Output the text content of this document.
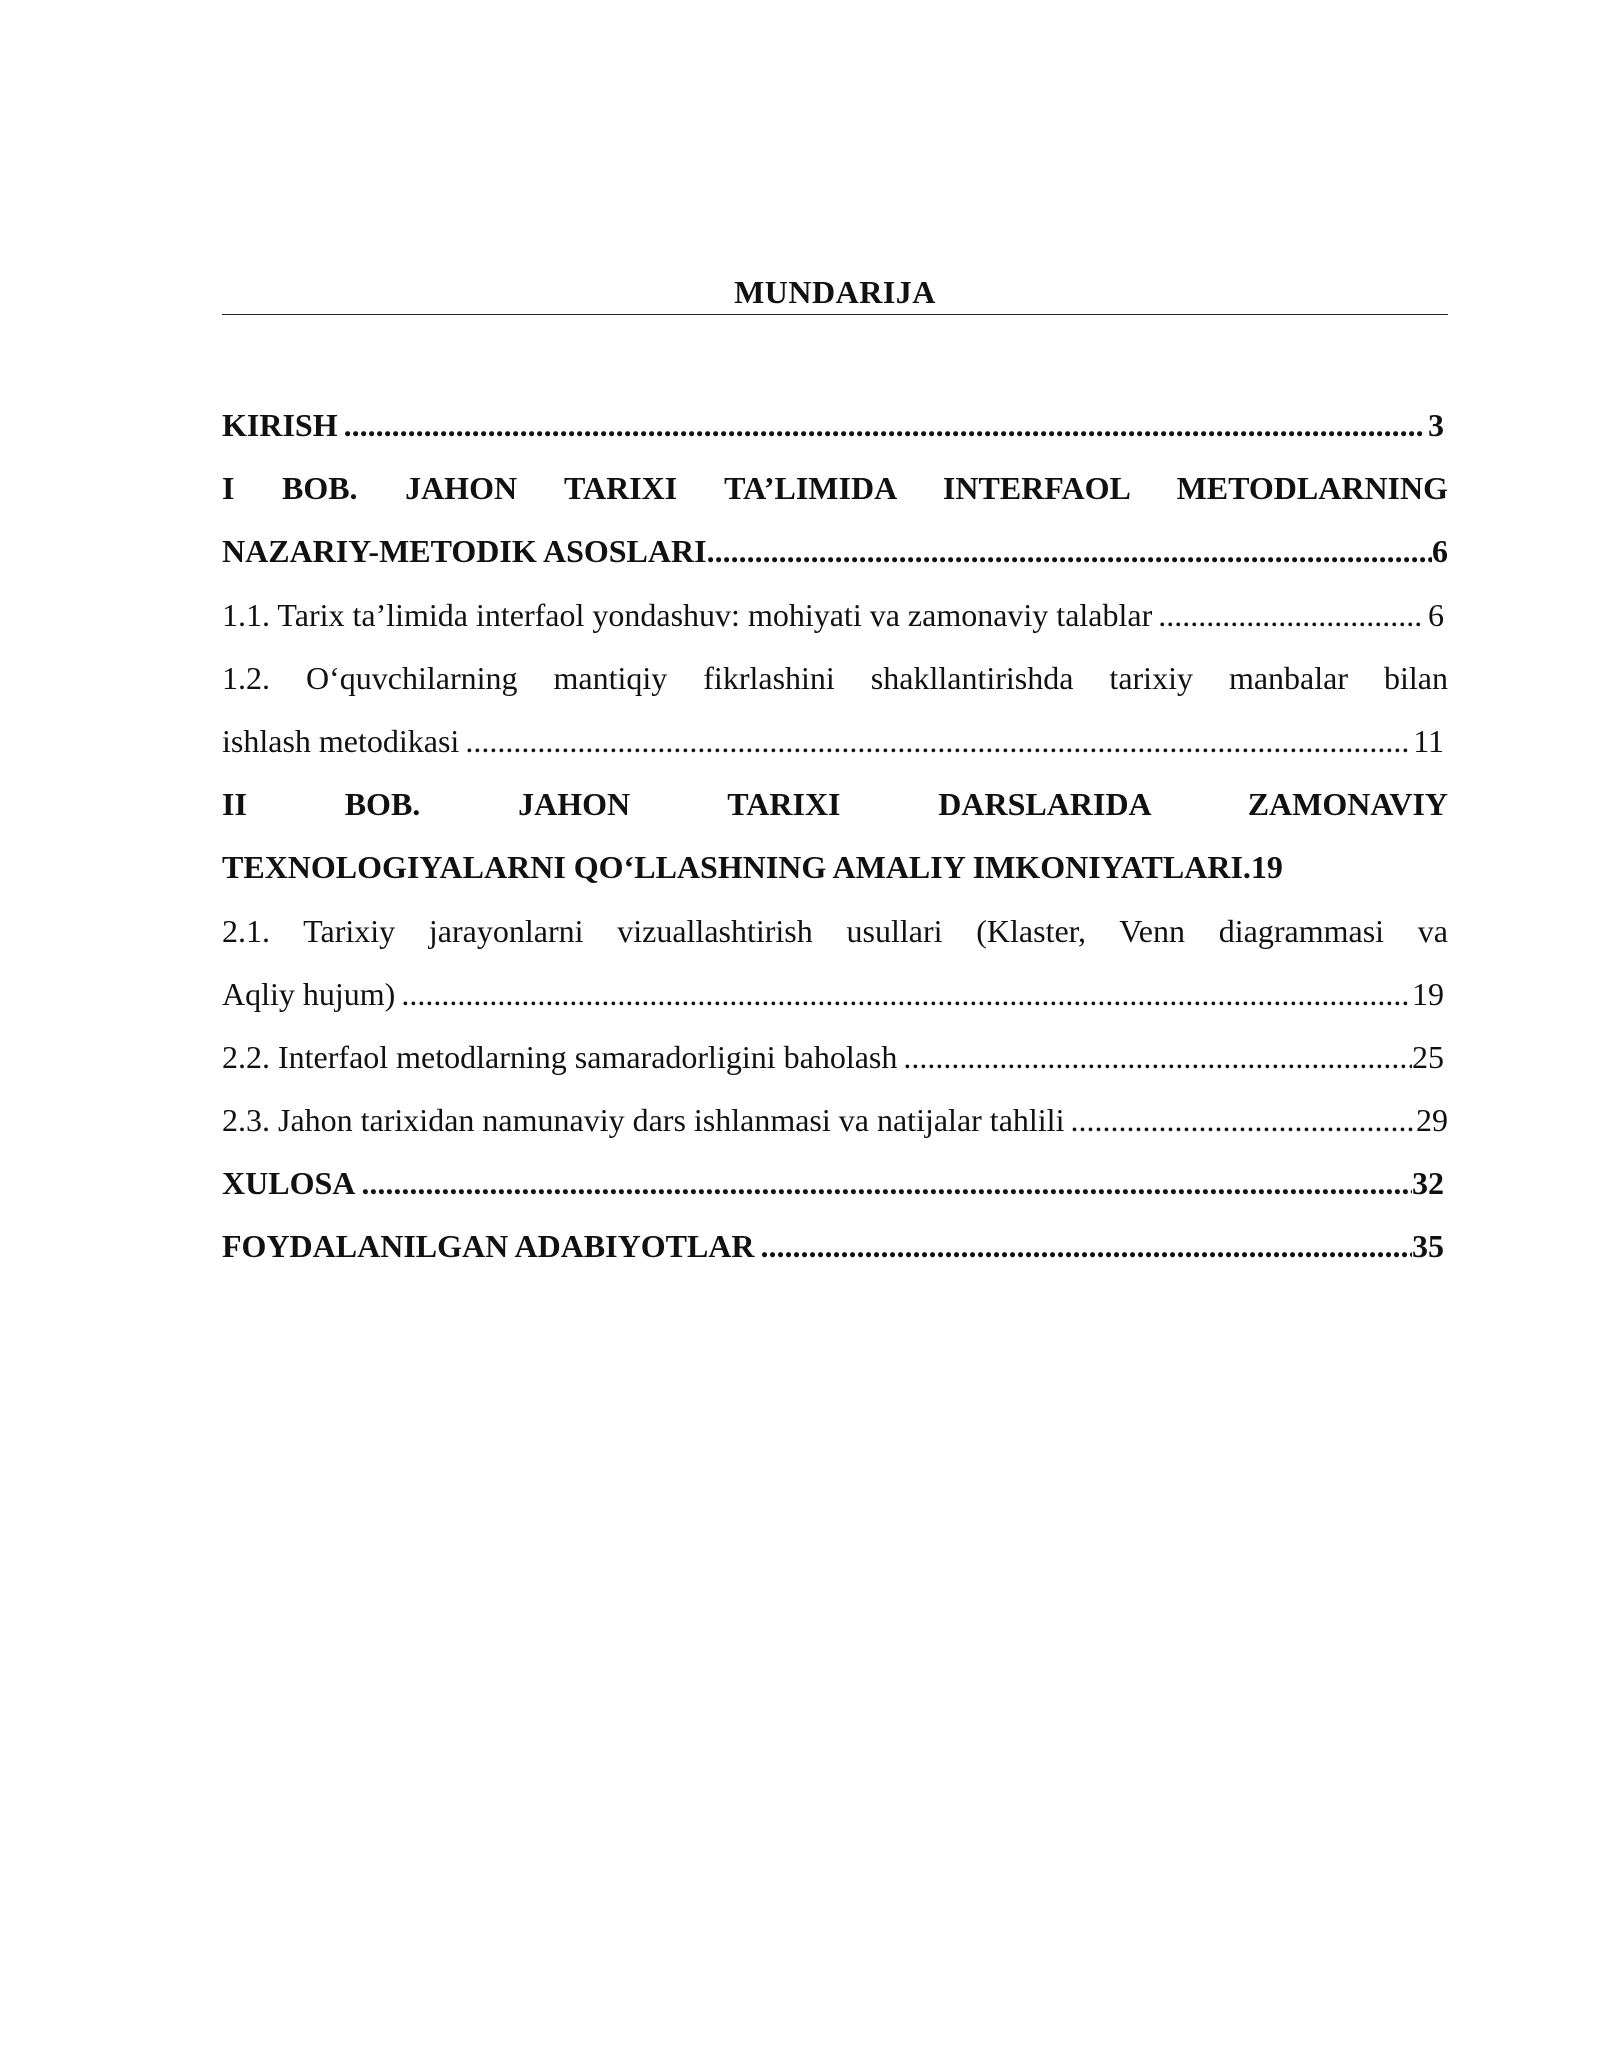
MUNDARIJA
KIRISH .....	3
I BOB. JAHON TARIXI TA’LIMIDA INTERFAOL METODLARNING
NAZARIY-METODIK ASOSLARI .....	6
1.1. Tarix ta’limida interfaol yondashuv: mohiyati va zamonaviy talablar .....	6
1.2. O‘quvchilarning mantiqiy fikrlashini shakllantirishda tarixiy manbalar bilan
ishlash metodikasi .....	11
II BOB. JAHON TARIXI DARSLARIDA ZAMONAVIY
TEXNOLOGIYALARNI QO‘LLASHNING AMALIY IMKONIYATLARI.19
2.1. Tarixiy jarayonlarni vizuallashtirish usullari (Klaster, Venn diagrammasi va
Aqliy hujum) .....	19
2.2. Interfaol metodlarning samaradorligini baholash .....	25
2.3. Jahon tarixidan namunaviy dars ishlanmasi va natijalar tahlili .....	29
XULOSA .....	32
FOYDALANILGAN ADABIYOTLAR .....	35
